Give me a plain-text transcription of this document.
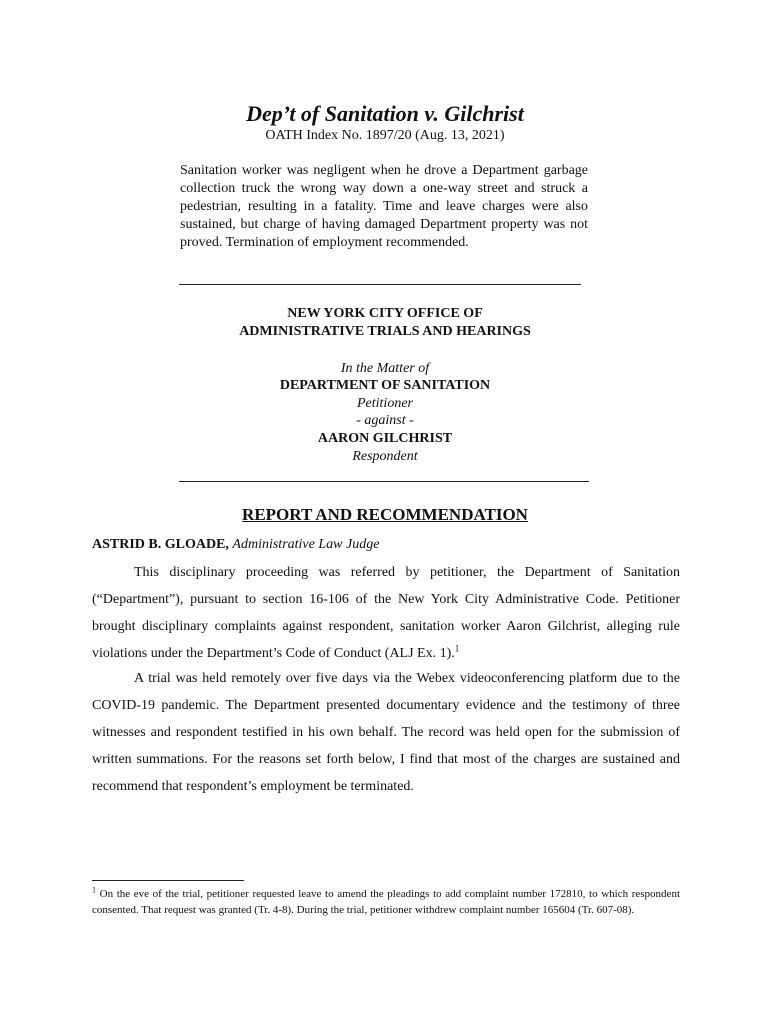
Dep’t of Sanitation v. Gilchrist
OATH Index No. 1897/20 (Aug. 13, 2021)

Sanitation worker was negligent when he drove a Department garbage collection truck the wrong way down a one-way street and struck a pedestrian, resulting in a fatality. Time and leave charges were also sustained, but charge of having damaged Department property was not proved. Termination of employment recommended.

NEW YORK CITY OFFICE OF
ADMINISTRATIVE TRIALS AND HEARINGS
In the Matter of
DEPARTMENT OF SANITATION
Petitioner
- against -
AARON GILCHRIST
Respondent
REPORT AND RECOMMENDATION
ASTRID B. GLOADE, Administrative Law Judge

This disciplinary proceeding was referred by petitioner, the Department of Sanitation (“Department”), pursuant to section 16-106 of the New York City Administrative Code. Petitioner brought disciplinary complaints against respondent, sanitation worker Aaron Gilchrist, alleging rule violations under the Department’s Code of Conduct (ALJ Ex. 1).$^1$

A trial was held remotely over five days via the Webex videoconferencing platform due to the COVID-19 pandemic. The Department presented documentary evidence and the testimony of three witnesses and respondent testified in his own behalf. The record was held open for the submission of written summations. For the reasons set forth below, I find that most of the charges are sustained and recommend that respondent’s employment be terminated.

$^1$ On the eve of the trial, petitioner requested leave to amend the pleadings to add complaint number 172810, to which respondent consented. That request was granted (Tr. 4-8). During the trial, petitioner withdrew complaint number 165604 (Tr. 607-08).
